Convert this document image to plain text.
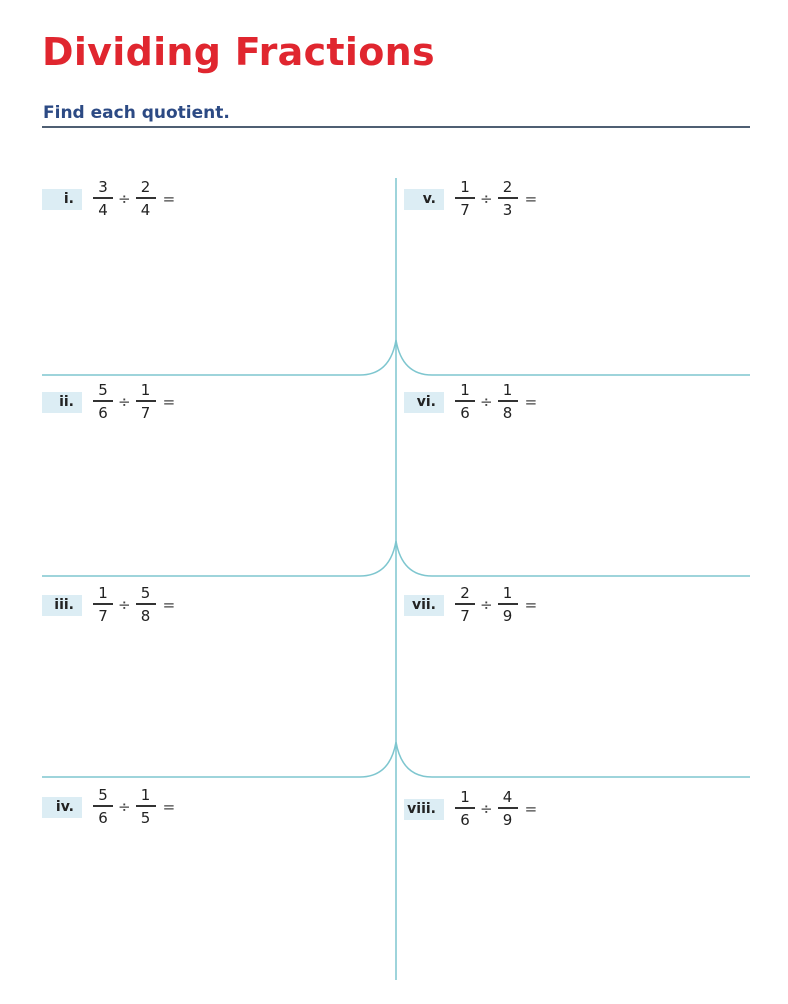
Dividing Fractions
Find each quotient.
i.	$\frac{3}{4} \div \frac{2}{4}$ =
ii.	$\frac{5}{6} \div \frac{1}{7}$ =
iii.	$\frac{1}{7} \div \frac{5}{8}$ =
iv.	$\frac{5}{6} \div \frac{1}{5}$ =
v.	$\frac{1}{7} \div \frac{2}{3}$ =
vi.	$\frac{1}{6} \div \frac{1}{8}$ =
vii.	$\frac{2}{7} \div \frac{1}{9}$ =
viii.	$\frac{1}{6} \div \frac{4}{9}$ =
